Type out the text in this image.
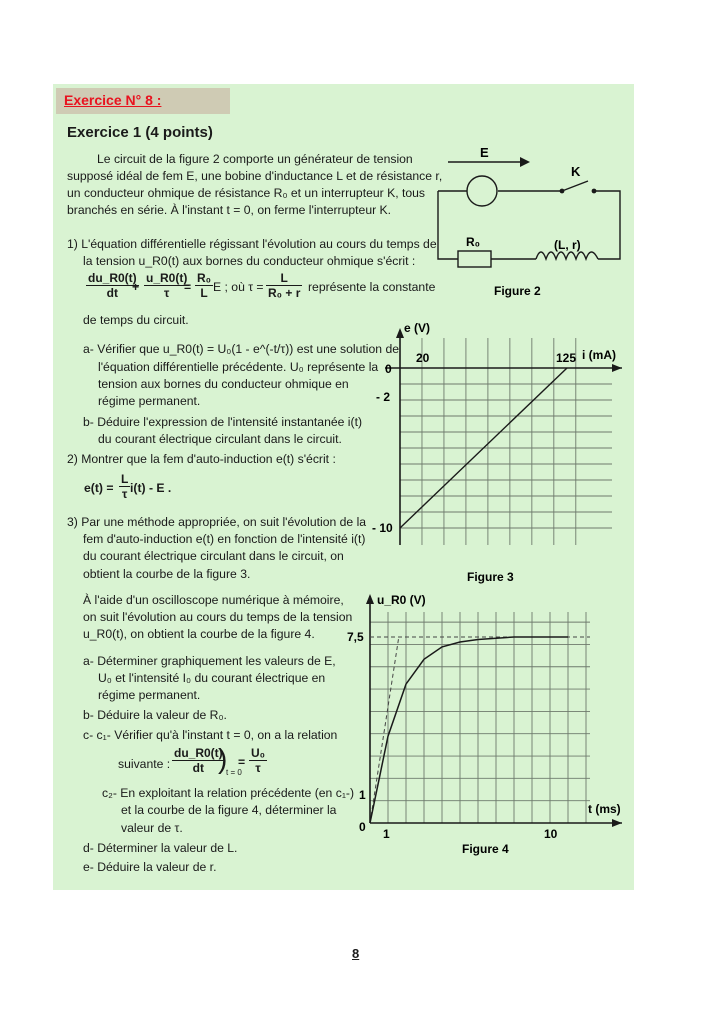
Exercice N° 8 :
Exercice 1 (4 points)
Le circuit de la figure 2 comporte un générateur de tension
supposé idéal de fem E, une bobine d'inductance L et de résistance r,
un conducteur ohmique de résistance R₀ et un interrupteur K, tous
branchés en série. À l'instant t = 0, on ferme l'interrupteur K.
1) L'équation différentielle régissant l'évolution au cours du temps de
la tension u_R0(t) aux bornes du conducteur ohmique s'écrit :
$\frac{du\_R0(t)}{dt}$
+ $\frac{u\_R0(t)}{\tau}$
= $\frac{\text{R₀}}{L}$ E ; où $\tau = \frac{L}{\text{R₀ + r}}$ représente la constante
de temps du circuit.
a- Vérifier que u_R0(t) = U₀(1 - e^(-t/τ)) est une solution de
l'équation différentielle précédente. U₀ représente la
tension aux bornes du conducteur ohmique en
régime permanent.
b- Déduire l'expression de l'intensité instantanée i(t)
du courant électrique circulant dans le circuit.
2) Montrer que la fem d'auto-induction e(t) s'écrit :
$e(t) = \frac{L}{\tau} i(t) - E$ .
3) Par une méthode appropriée, on suit l'évolution de la
fem d'auto-induction e(t) en fonction de l'intensité i(t)
du courant électrique circulant dans le circuit, on
obtient la courbe de la figure 3.
À l'aide d'un oscilloscope numérique à mémoire,
on suit l'évolution au cours du temps de la tension
u_R0(t), on obtient la courbe de la figure 4.
a- Déterminer graphiquement les valeurs de E,
U₀ et l'intensité I₀ du courant électrique en
régime permanent.
b- Déduire la valeur de R₀.
c- c₁- Vérifier qu'à l'instant t = 0, on a la relation
suivante : $\frac{du\_R0(t)}{dt}$
)
t = 0
= $\frac{\text{U₀}}{\tau}$
c₂- En exploitant la relation précédente (en c₁-)
et la courbe de la figure 4, déterminer la
valeur de τ.
d- Déterminer la valeur de L.
e- Déduire la valeur de r.
E
K
R₀	(L, r)
Figure 2
e (V)
i (mA)
20	125
0
- 2
- 10
Figure 3
u_R0 (V)
t (ms)
7,5
1
0 1	10
Figure 4
8
